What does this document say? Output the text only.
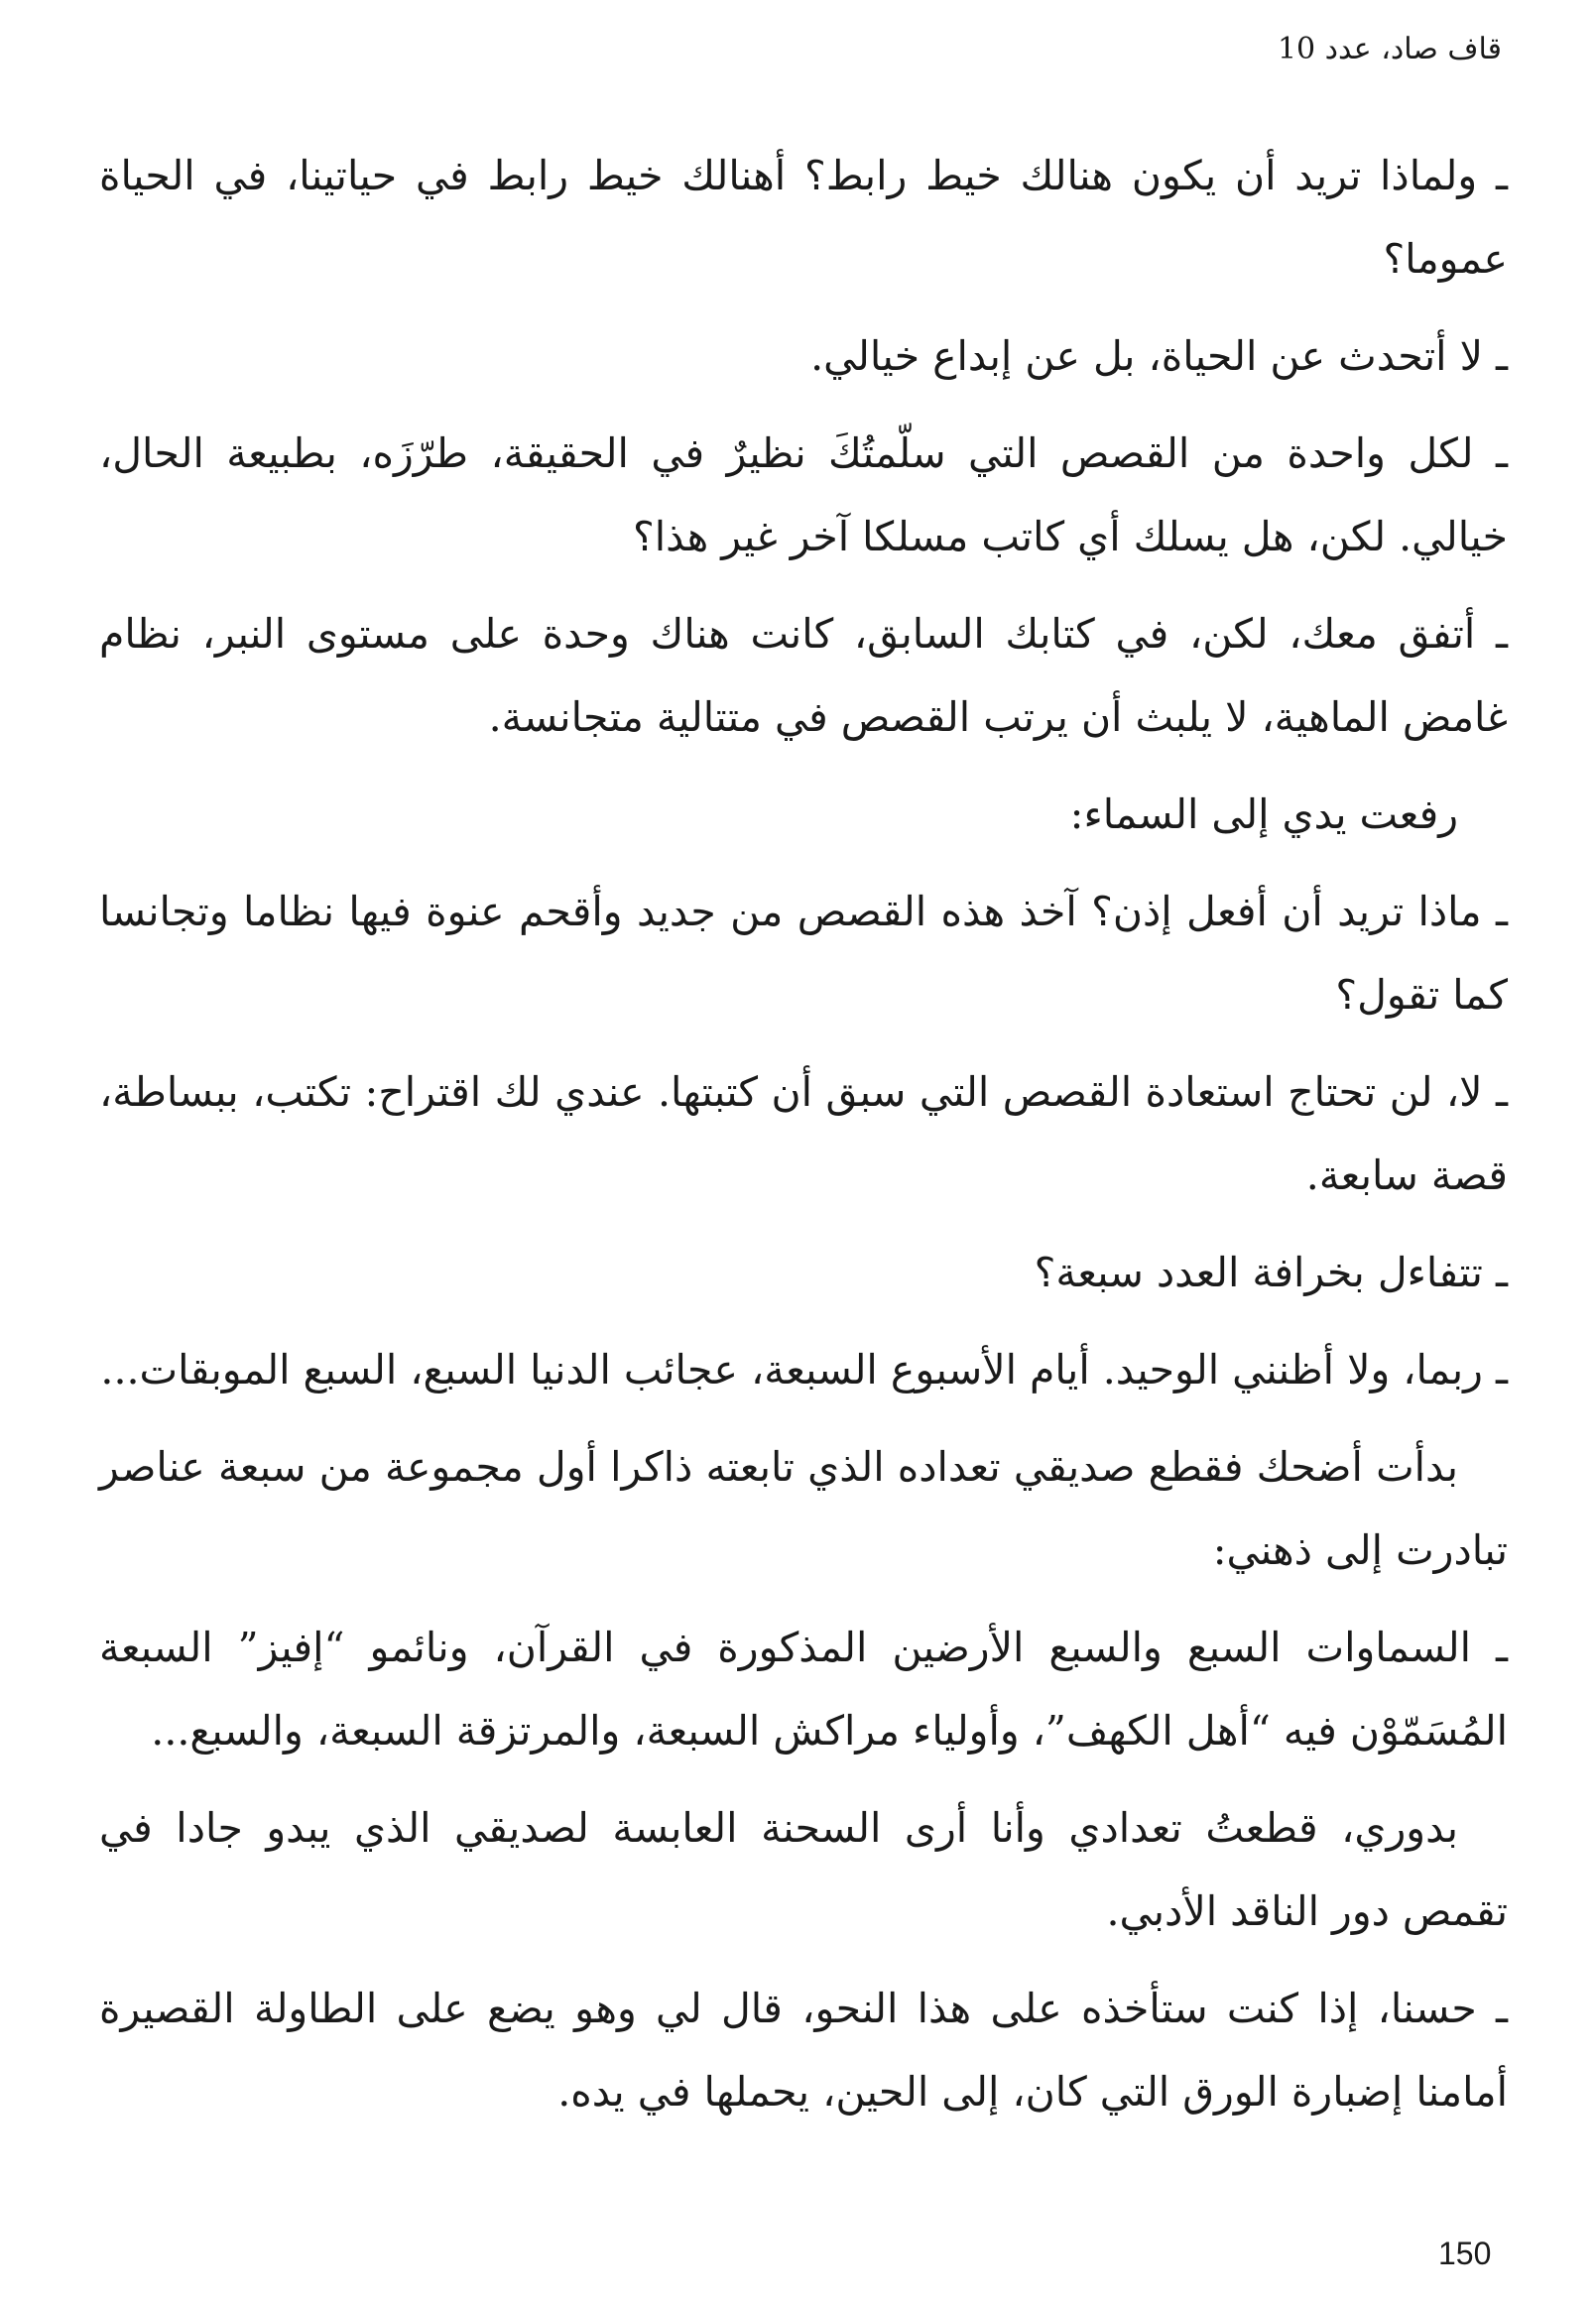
قاف صاد، عدد 10

ـ ولماذا تريد أن يكون هنالك خيط رابط؟ أهنالك خيط رابط في حياتينا، في الحياة عموما؟

ـ لا أتحدث عن الحياة، بل عن إبداع خيالي.

ـ لكل واحدة من القصص التي سلّمتُكَ نظيرٌ في الحقيقة، طرّزَه، بطبيعة الحال، خيالي. لكن، هل يسلك أي كاتب مسلكا آخر غير هذا؟

ـ أتفق معك، لكن، في كتابك السابق، كانت هناك وحدة على مستوى النبر، نظام غامض الماهية، لا يلبث أن يرتب القصص في متتالية متجانسة.

رفعت يدي إلى السماء:

ـ ماذا تريد أن أفعل إذن؟ آخذ هذه القصص من جديد وأقحم عنوة فيها نظاما وتجانسا كما تقول؟

ـ لا، لن تحتاج استعادة القصص التي سبق أن كتبتها. عندي لك اقتراح: تكتب، ببساطة، قصة سابعة.

ـ تتفاءل بخرافة العدد سبعة؟

ـ ربما، ولا أظنني الوحيد. أيام الأسبوع السبعة، عجائب الدنيا السبع، السبع الموبقات...

بدأت أضحك فقطع صديقي تعداده الذي تابعته ذاكرا أول مجموعة من سبعة عناصر تبادرت إلى ذهني:

ـ السماوات السبع والسبع الأرضين المذكورة في القرآن، ونائمو “إفيز” السبعة المُسَمّوْن فيه “أهل الكهف”، وأولياء مراكش السبعة، والمرتزقة السبعة، والسبع...

بدوري، قطعتُ تعدادي وأنا أرى السحنة العابسة لصديقي الذي يبدو جادا في تقمص دور الناقد الأدبي.

ـ حسنا، إذا كنت ستأخذه على هذا النحو، قال لي وهو يضع على الطاولة القصيرة أمامنا إضبارة الورق التي كان، إلى الحين، يحملها في يده.

150
